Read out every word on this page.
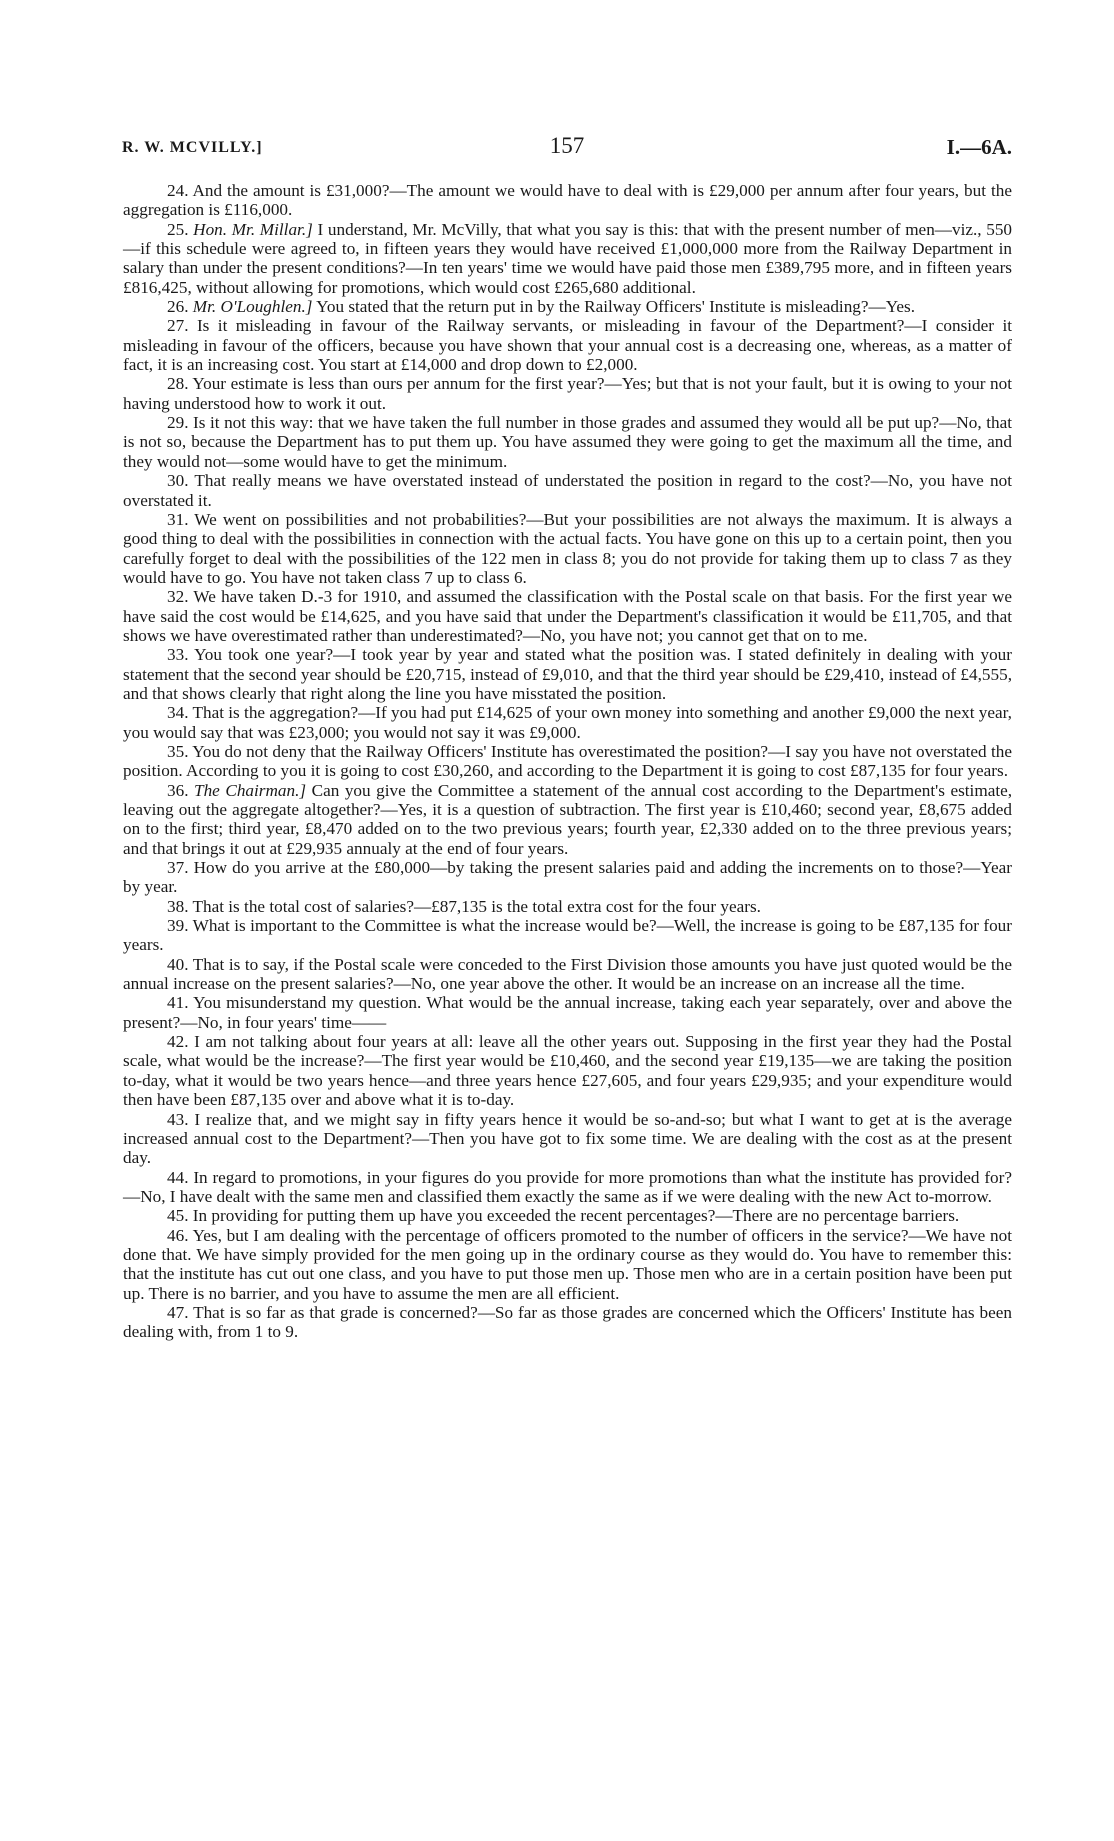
R. W. MCVILLY.]	157	I.—6A.

24. And the amount is £31,000?—The amount we would have to deal with is £29,000 per annum after four years, but the aggregation is £116,000.

25. Hon. Mr. Millar.] I understand, Mr. McVilly, that what you say is this: that with the present number of men—viz., 550—if this schedule were agreed to, in fifteen years they would have received £1,000,000 more from the Railway Department in salary than under the present conditions?—In ten years' time we would have paid those men £389,795 more, and in fifteen years £816,425, without allowing for promotions, which would cost £265,680 additional.

26. Mr. O'Loughlen.] You stated that the return put in by the Railway Officers' Institute is misleading?—Yes.

27. Is it misleading in favour of the Railway servants, or misleading in favour of the Department?—I consider it misleading in favour of the officers, because you have shown that your annual cost is a decreasing one, whereas, as a matter of fact, it is an increasing cost. You start at £14,000 and drop down to £2,000.

28. Your estimate is less than ours per annum for the first year?—Yes; but that is not your fault, but it is owing to your not having understood how to work it out.

29. Is it not this way: that we have taken the full number in those grades and assumed they would all be put up?—No, that is not so, because the Department has to put them up. You have assumed they were going to get the maximum all the time, and they would not—some would have to get the minimum.

30. That really means we have overstated instead of understated the position in regard to the cost?—No, you have not overstated it.

31. We went on possibilities and not probabilities?—But your possibilities are not always the maximum. It is always a good thing to deal with the possibilities in connection with the actual facts. You have gone on this up to a certain point, then you carefully forget to deal with the possibilities of the 122 men in class 8; you do not provide for taking them up to class 7 as they would have to go. You have not taken class 7 up to class 6.

32. We have taken D.-3 for 1910, and assumed the classification with the Postal scale on that basis. For the first year we have said the cost would be £14,625, and you have said that under the Department's classification it would be £11,705, and that shows we have overestimated rather than underestimated?—No, you have not; you cannot get that on to me.

33. You took one year?—I took year by year and stated what the position was. I stated definitely in dealing with your statement that the second year should be £20,715, instead of £9,010, and that the third year should be £29,410, instead of £4,555, and that shows clearly that right along the line you have misstated the position.

34. That is the aggregation?—If you had put £14,625 of your own money into something and another £9,000 the next year, you would say that was £23,000; you would not say it was £9,000.

35. You do not deny that the Railway Officers' Institute has overestimated the position?—I say you have not overstated the position. According to you it is going to cost £30,260, and according to the Department it is going to cost £87,135 for four years.

36. The Chairman.] Can you give the Committee a statement of the annual cost according to the Department's estimate, leaving out the aggregate altogether?—Yes, it is a question of subtraction. The first year is £10,460; second year, £8,675 added on to the first; third year, £8,470 added on to the two previous years; fourth year, £2,330 added on to the three previous years; and that brings it out at £29,935 annualy at the end of four years.

37. How do you arrive at the £80,000—by taking the present salaries paid and adding the increments on to those?—Year by year.

38. That is the total cost of salaries?—£87,135 is the total extra cost for the four years.

39. What is important to the Committee is what the increase would be?—Well, the increase is going to be £87,135 for four years.

40. That is to say, if the Postal scale were conceded to the First Division those amounts you have just quoted would be the annual increase on the present salaries?—No, one year above the other. It would be an increase on an increase all the time.

41. You misunderstand my question. What would be the annual increase, taking each year separately, over and above the present?—No, in four years' time——

42. I am not talking about four years at all: leave all the other years out. Supposing in the first year they had the Postal scale, what would be the increase?—The first year would be £10,460, and the second year £19,135—we are taking the position to-day, what it would be two years hence—and three years hence £27,605, and four years £29,935; and your expenditure would then have been £87,135 over and above what it is to-day.

43. I realize that, and we might say in fifty years hence it would be so-and-so; but what I want to get at is the average increased annual cost to the Department?—Then you have got to fix some time. We are dealing with the cost as at the present day.

44. In regard to promotions, in your figures do you provide for more promotions than what the institute has provided for?—No, I have dealt with the same men and classified them exactly the same as if we were dealing with the new Act to-morrow.

45. In providing for putting them up have you exceeded the recent percentages?—There are no percentage barriers.

46. Yes, but I am dealing with the percentage of officers promoted to the number of officers in the service?—We have not done that. We have simply provided for the men going up in the ordinary course as they would do. You have to remember this: that the institute has cut out one class, and you have to put those men up. Those men who are in a certain position have been put up. There is no barrier, and you have to assume the men are all efficient.

47. That is so far as that grade is concerned?—So far as those grades are concerned which the Officers' Institute has been dealing with, from 1 to 9.
